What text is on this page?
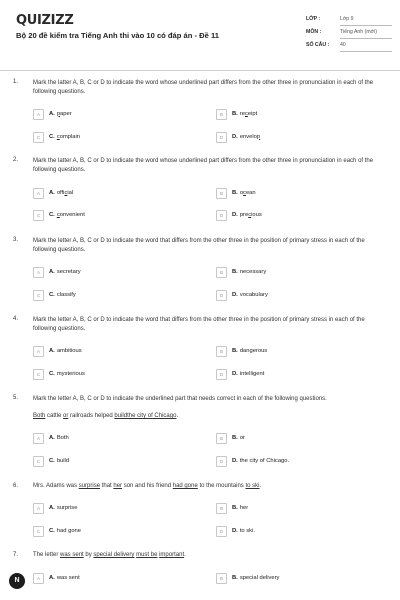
QUIZIZZ
Bộ 20 đề kiểm tra Tiếng Anh thi vào 10 có đáp án - Đề 11
LỚP :	Lớp 9
MÔN :	Tiếng Anh (mới)
SỐ CÂU : 40
1. Mark the latter A, B, C or D to indicate the word whose underlined part differs from the other three in pronunciation in each of the following questions.
A	A. paper	B	B. receipt
C	C. complain	D	D. envelop
2. Mark the latter A, B, C or D to indicate the word whose underlined part differs from the other three in pronunciation in each of the following questions.
A	A. official	B	B. ocean
C	C. convenient	D	D. precious
3. Mark the letter A, B, C or D to indicate the word that differs from the other three in the position of primary stress in each of the following questions.
A	A. secretary	B	B. necessary
C	C. classify	D	D. vocabulary
4. Mark the letter A, B, C or D to indicate the word that differs from the other three in the position of primary stress in each of the following questions.
A	A. ambitious	B	B. dangerous
C	C. mysterious	D	D. intelligent
5. Mark the letter A, B, C or D to indicate the underlined part that needs correct in each of the following questions.
Both cattle or railroads helped buildthe city of Chicago.
A	A. Both	B	B. or
C	C. build	D	D. the city of Chicago.
6. Mrs. Adams was surprise that her son and his friend had gone to the mountains to ski.
A	A. surprise	B	B. her
C	C. had gone	D	D. to ski.
7. The letter was sent by special delivery must be important.
A	A. was sent	B	B. special delivery
N
